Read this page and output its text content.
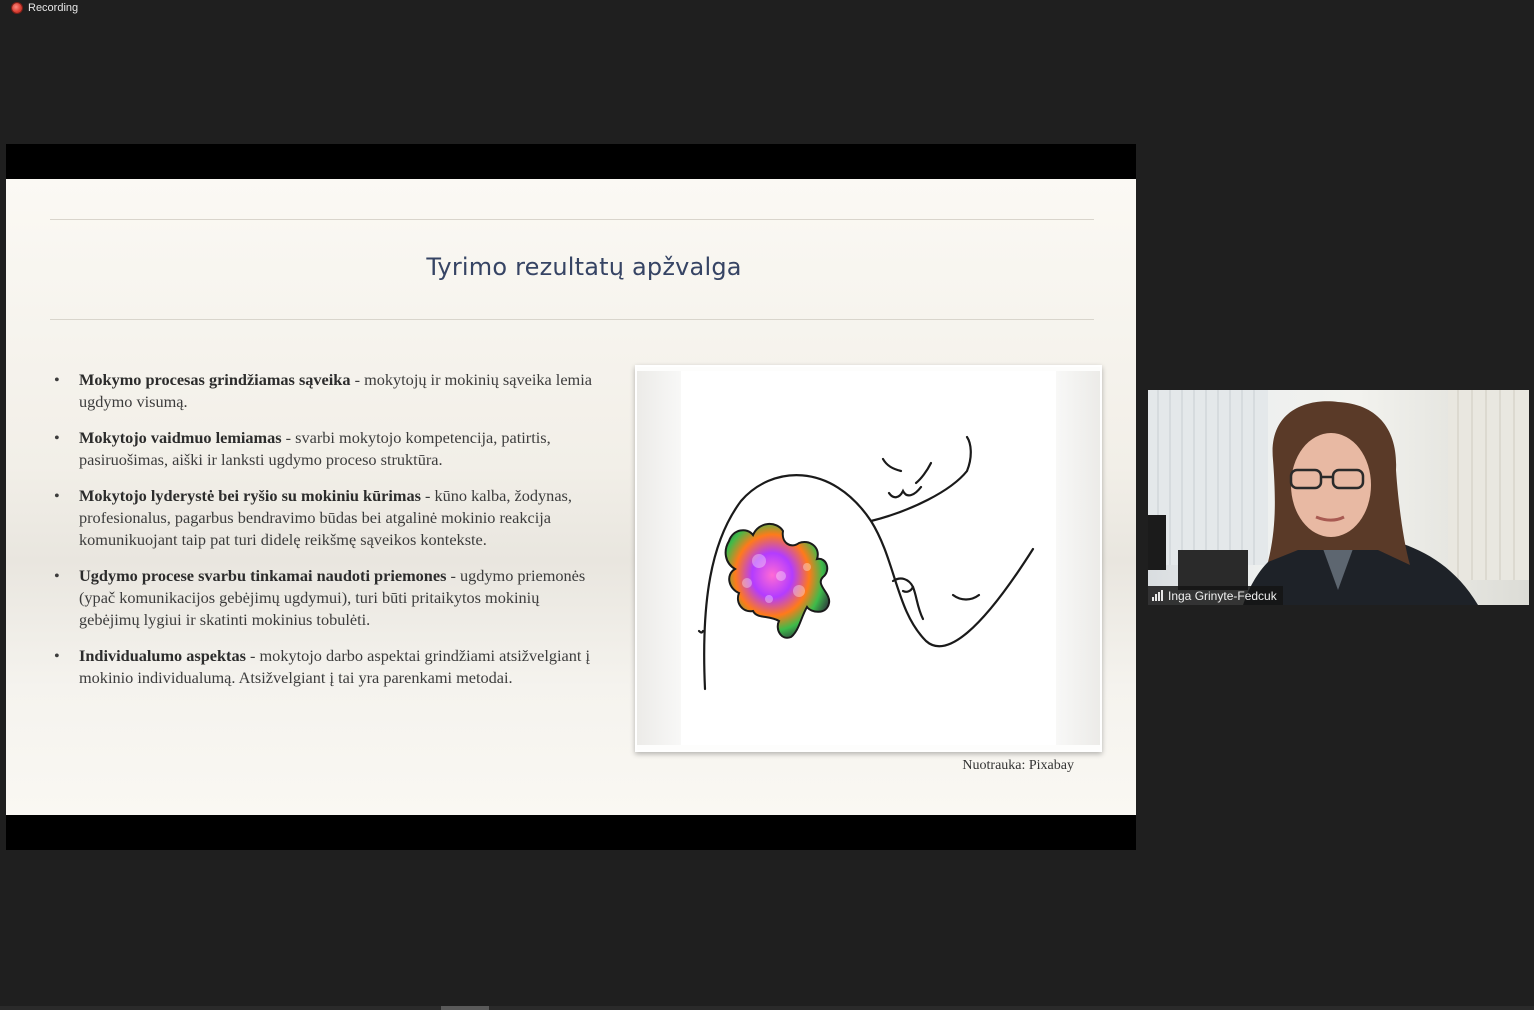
Recording
Tyrimo rezultatų apžvalga
• Mokymo procesas grindžiamas sąveika - mokytojų ir mokinių sąveika lemia ugdymo visumą.
• Mokytojo vaidmuo lemiamas - svarbi mokytojo kompetencija, patirtis, pasiruošimas, aiški ir lanksti ugdymo proceso struktūra.
• Mokytojo lyderystė bei ryšio su mokiniu kūrimas - kūno kalba, žodynas, profesionalus, pagarbus bendravimo būdas bei atgalinė mokinio reakcija komunikuojant taip pat turi didelę reikšmę sąveikos kontekste.
• Ugdymo procese svarbu tinkamai naudoti priemones - ugdymo priemonės (ypač komunikacijos gebėjimų ugdymui), turi būti pritaikytos mokinių gebėjimų lygiui ir skatinti mokinius tobulėti.
• Individualumo aspektas - mokytojo darbo aspektai grindžiami atsižvelgiant į mokinio individualumą. Atsižvelgiant į tai yra parenkami metodai.
Nuotrauka: Pixabay
Inga Grinyte-Fedcuk
